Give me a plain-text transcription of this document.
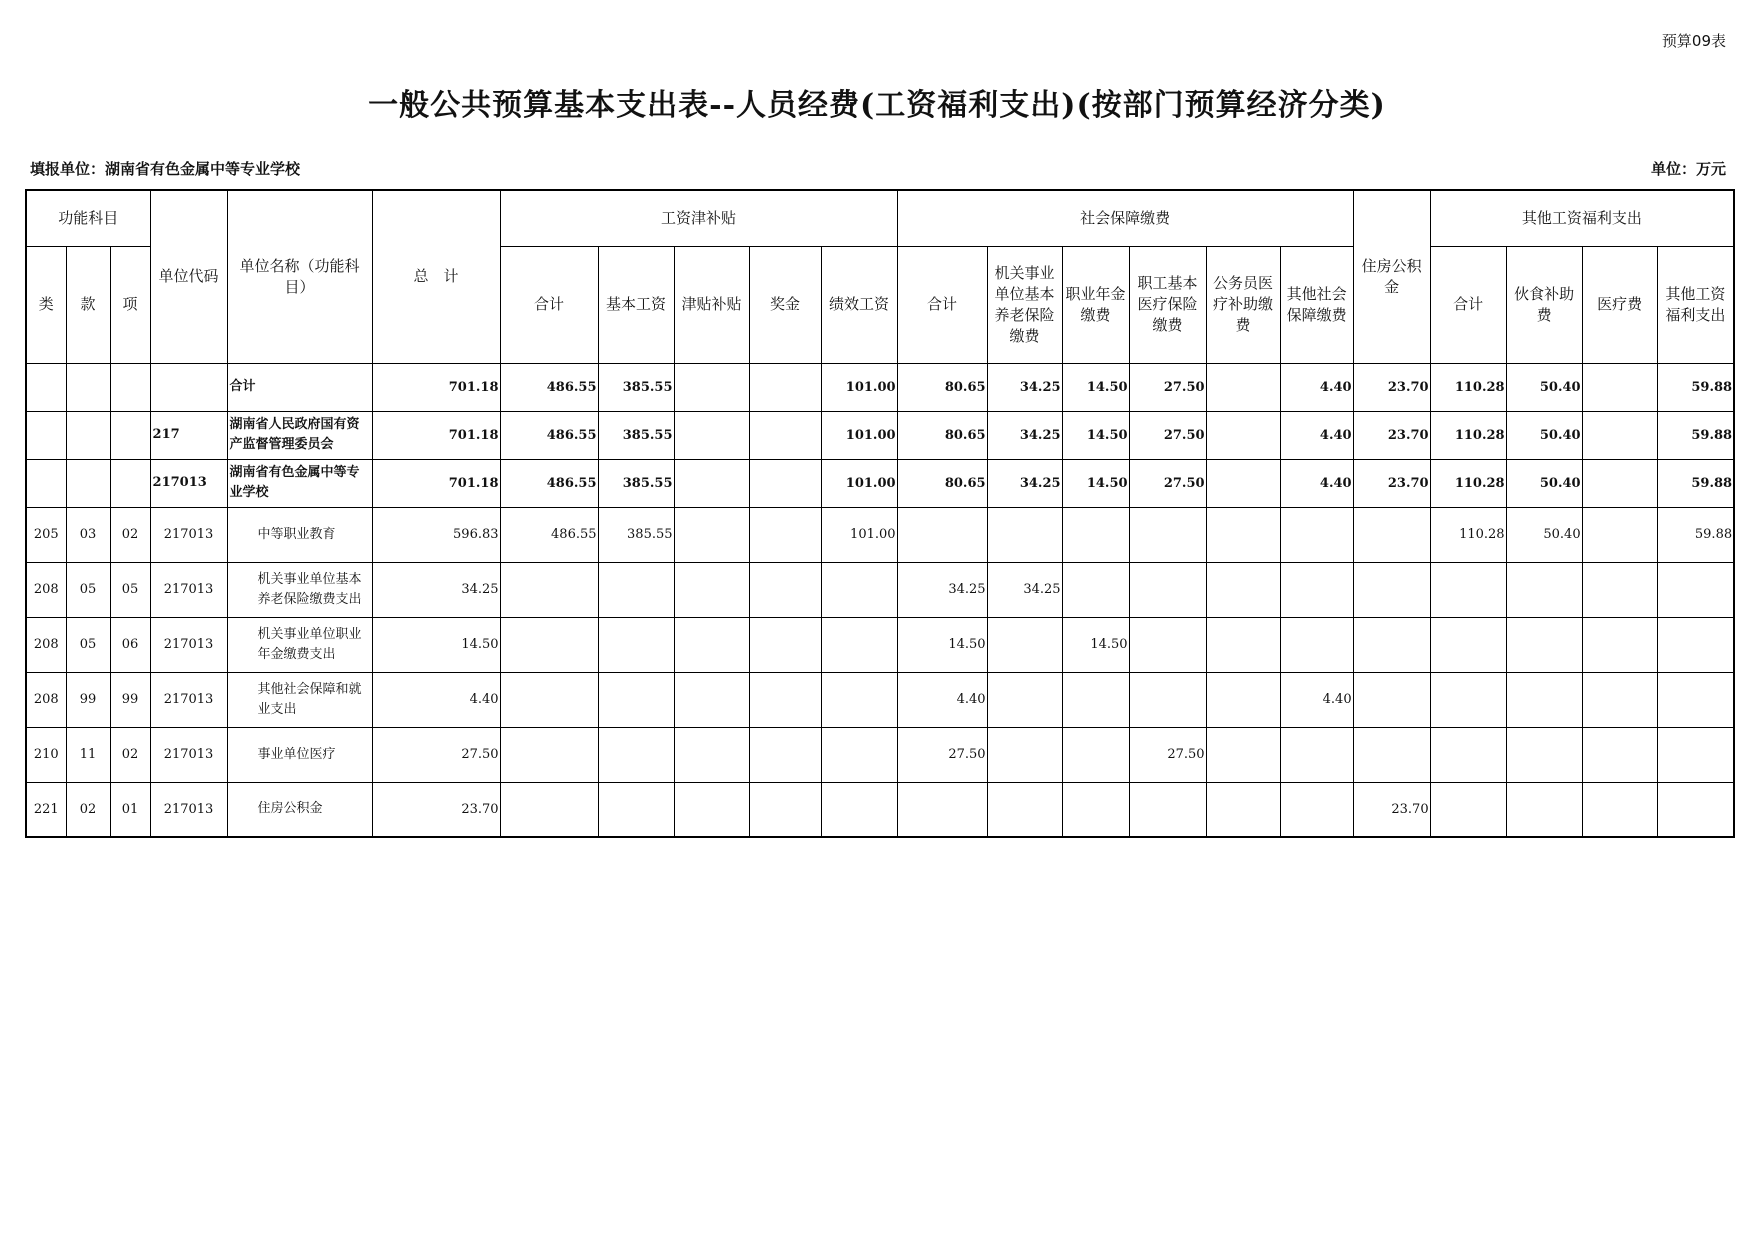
预算09表
一般公共预算基本支出表--人员经费(工资福利支出)(按部门预算经济分类)
填报单位：湖南省有色金属中等专业学校	单位：万元
功能科目			单位代码	单位名称（功能科目）	总　计	工资津补贴					社会保障缴费						住房公积金	其他工资福利支出			
类	款	项				合计	基本工资	津贴补贴	奖金	绩效工资	合计	机关事业单位基本养老保险缴费	职业年金缴费	职工基本医疗保险缴费	公务员医疗补助缴费	其他社会保障缴费		合计	伙食补助费	医疗费	其他工资福利支出
				合计	701.18	486.55	385.55			101.00	80.65	34.25	14.50	27.50		4.40	23.70	110.28	50.40		59.88
			217	湖南省人民政府国有资产监督管理委员会	701.18	486.55	385.55			101.00	80.65	34.25	14.50	27.50		4.40	23.70	110.28	50.40		59.88
			217013	湖南省有色金属中等专业学校	701.18	486.55	385.55			101.00	80.65	34.25	14.50	27.50		4.40	23.70	110.28	50.40		59.88
205	03	02	217013	中等职业教育	596.83	486.55	385.55			101.00								110.28	50.40		59.88
208	05	05	217013	机关事业单位基本养老保险缴费支出	34.25						34.25	34.25									
208	05	06	217013	机关事业单位职业年金缴费支出	14.50						14.50		14.50								
208	99	99	217013	其他社会保障和就业支出	4.40						4.40					4.40					
210	11	02	217013	事业单位医疗	27.50						27.50			27.50							
221	02	01	217013	住房公积金	23.70												23.70				
